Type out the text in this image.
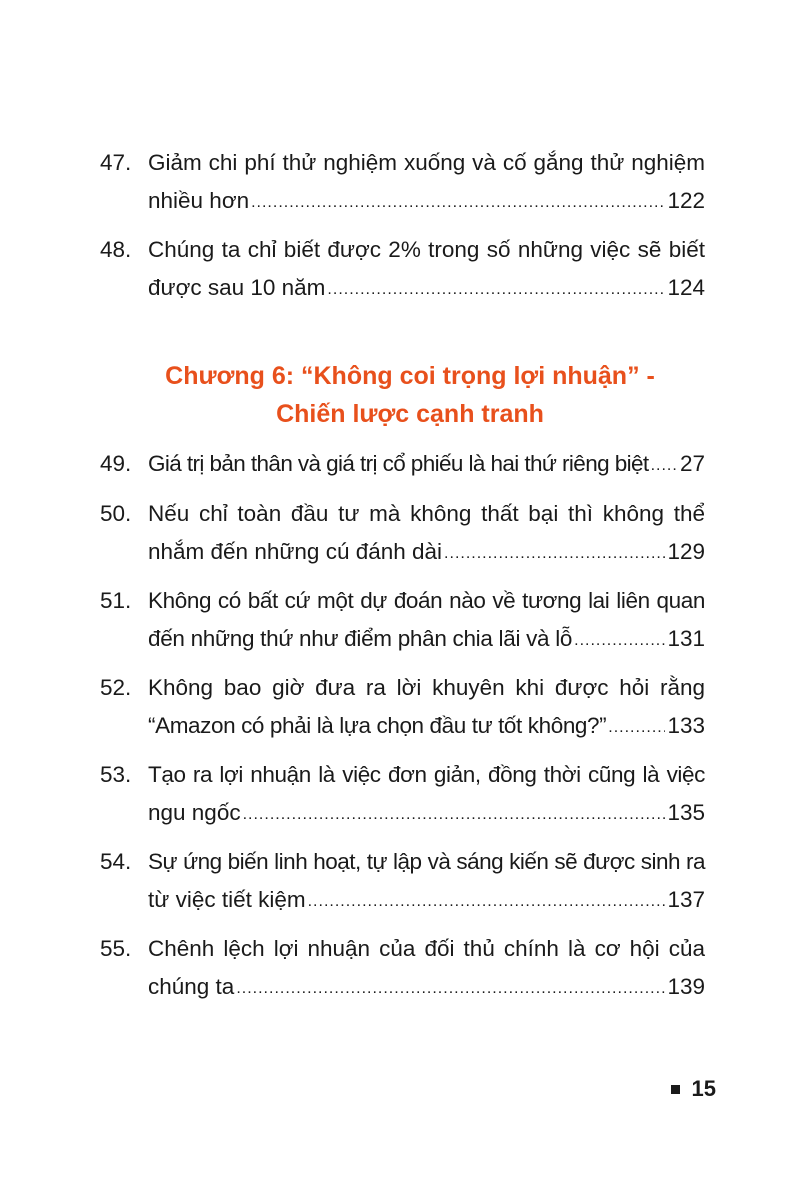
47. Giảm chi phí thử nghiệm xuống và cố gắng thử nghiệm
nhiều hơn .....	122
48. Chúng ta chỉ biết được 2% trong số những việc sẽ biết
được sau 10 năm .....	124
Chương 6: “Không coi trọng lợi nhuận” -
Chiến lược cạnh tranh
49. Giá trị bản thân và giá trị cổ phiếu là hai thứ riêng biệt ..... 27
50. Nếu chỉ toàn đầu tư mà không thất bại thì không thể
nhắm đến những cú đánh dài .....	129
51. Không có bất cứ một dự đoán nào về tương lai liên quan
đến những thứ như điểm phân chia lãi và lỗ .....	131
52. Không bao giờ đưa ra lời khuyên khi được hỏi rằng
“Amazon có phải là lựa chọn đầu tư tốt không?” .....	133
53. Tạo ra lợi nhuận là việc đơn giản, đồng thời cũng là việc
ngu ngốc .....	135
54. Sự ứng biến linh hoạt, tự lập và sáng kiến sẽ được sinh ra
từ việc tiết kiệm .....	137
55. Chênh lệch lợi nhuận của đối thủ chính là cơ hội của
chúng ta .....	139
15
